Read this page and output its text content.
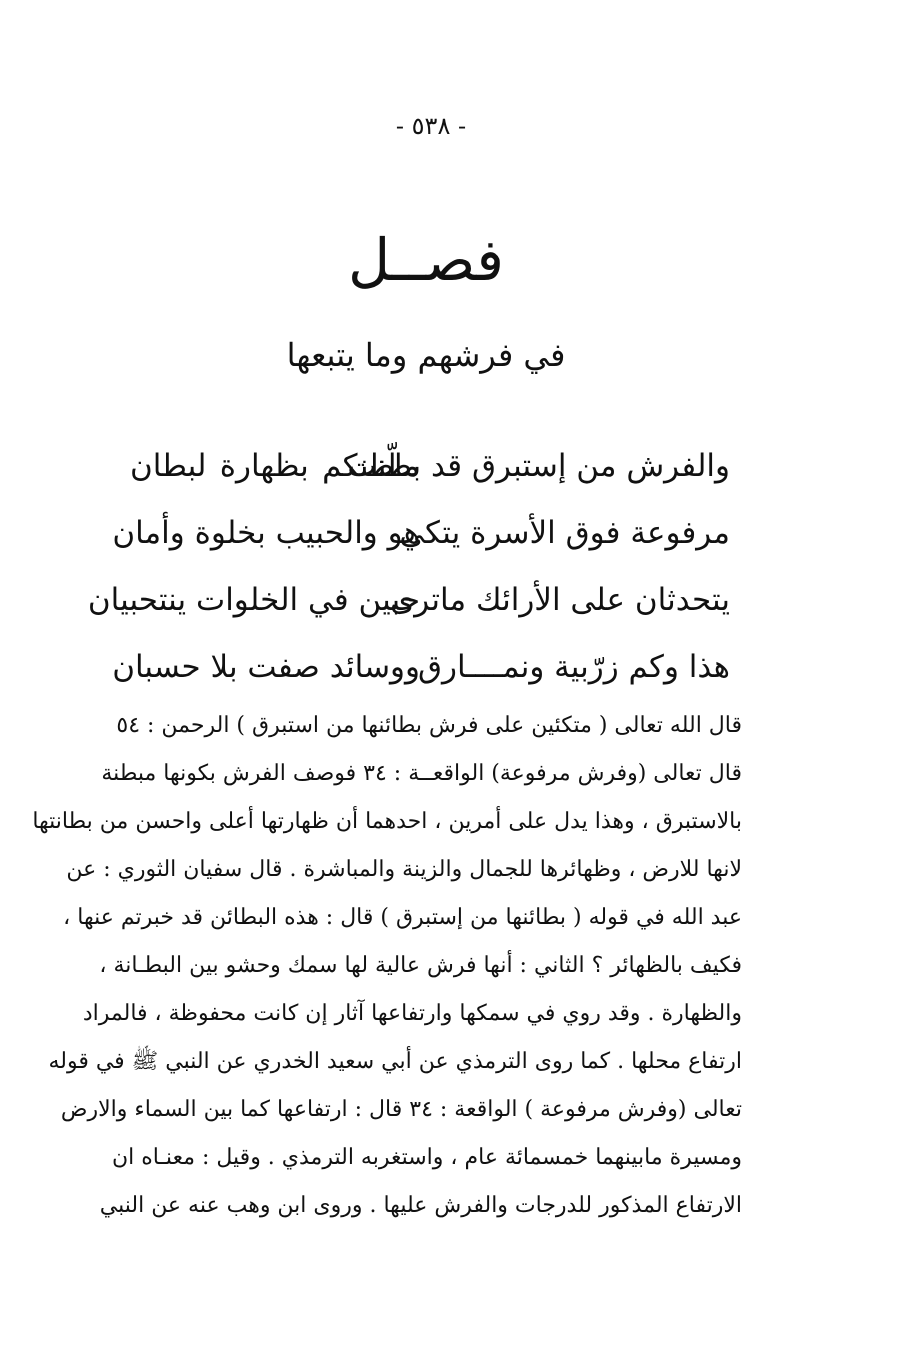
- ٥٣٨ -
فصــل
في فرشهم وما يتبعها
والفرش من إستبرق قد بطّنت
ماظنكم بظهارة لبطان
مرفوعة فوق الأسرة يتكي
هو والحبيب بخلوة وأمان
يتحدثان على الأرائك ماترى
حبين في الخلوات ينتحبيان
هذا وكم زرّبية ونمــــارق
ووسائد صفت بلا حسبان
قال الله تعالى ( متكئين على فرش بطائنها من استبرق ) الرحمن : ٥٤
قال تعالى (وفرش مرفوعة) الواقعــة : ٣٤ فوصف الفرش بكونها مبطنة
بالاستبرق ، وهذا يدل على أمرين ، احدهما أن ظهارتها أعلى واحسن من بطانتها
لانها للارض ، وظهائرها للجمال والزينة والمباشرة . قال سفيان الثوري : عن
عبد الله في قوله ( بطائنها من إستبرق ) قال : هذه البطائن قد خبرتم عنها ،
فكيف بالظهائر ؟ الثاني : أنها فرش عالية لها سمك وحشو بين البطـانة ،
والظهارة . وقد روي في سمكها وارتفاعها آثار إن كانت محفوظة ، فالمراد
ارتفاع محلها . كما روى الترمذي عن أبي سعيد الخدري عن النبي ﷺ في قوله
تعالى (وفرش مرفوعة ) الواقعة : ٣٤ قال : ارتفاعها كما بين السماء والارض
ومسيرة مابينهما خمسمائة عام ، واستغربه الترمذي . وقيل : معنـاه ان
الارتفاع المذكور للدرجات والفرش عليها . وروى ابن وهب عنه عن النبي
